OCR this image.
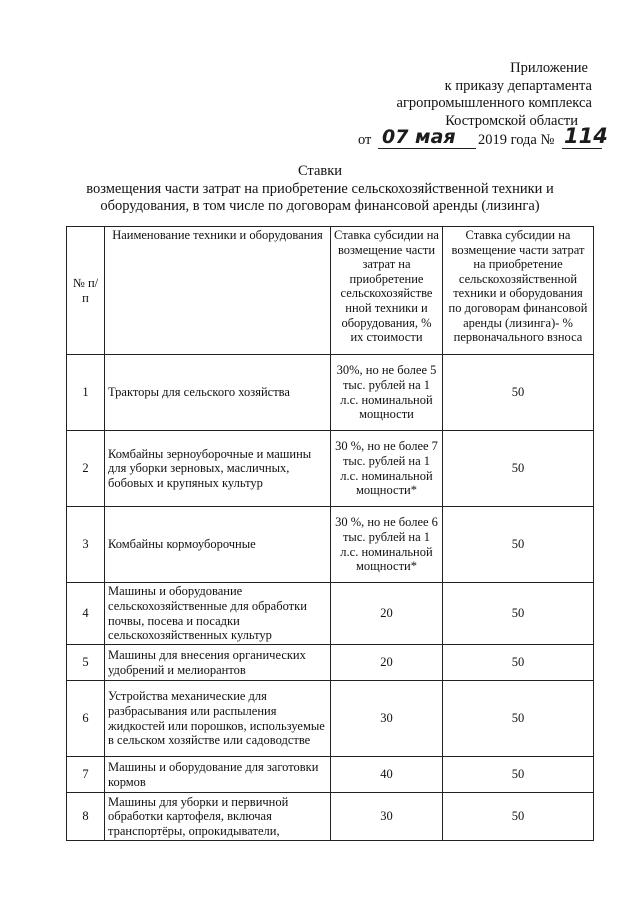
Приложение
к приказу департамента
агропромышленного комплекса
Костромской области
от 07 мая 2019 года № 114
Ставки
возмещения части затрат на приобретение сельскохозяйственной техники и
оборудования, в том числе по договорам финансовой аренды (лизинга)
№ п/п	Наименование техники и оборудования	Ставка субсидии на возмещение части затрат на приобретение сельскохозяйстве нной техники и оборудования, % их стоимости	Ставка субсидии на возмещение части затрат на приобретение сельскохозяйственной техники и оборудования по договорам финансовой аренды (лизинга)- % первоначального взноса
1	Тракторы для сельского хозяйства	30%, но не более 5 тыс. рублей на 1 л.с. номинальной мощности	50
2	Комбайны зерноуборочные и машины для уборки зерновых, масличных, бобовых и крупяных культур	30 %, но не более 7 тыс. рублей на 1 л.с. номинальной мощности*	50
3	Комбайны кормоуборочные	30 %, но не более 6 тыс. рублей на 1 л.с. номинальной мощности*	50
4	Машины и оборудование сельскохозяйственные для обработки почвы, посева и посадки сельскохозяйственных культур	20	50
5	Машины для внесения органических удобрений и мелиорантов	20	50
6	Устройства механические для разбрасывания или распыления жидкостей или порошков, используемые в сельском хозяйстве или садоводстве	30	50
7	Машины и оборудование для заготовки кормов	40	50
8	Машины для уборки и первичной обработки картофеля, включая транспортёры, опрокидыватели,	30	50
